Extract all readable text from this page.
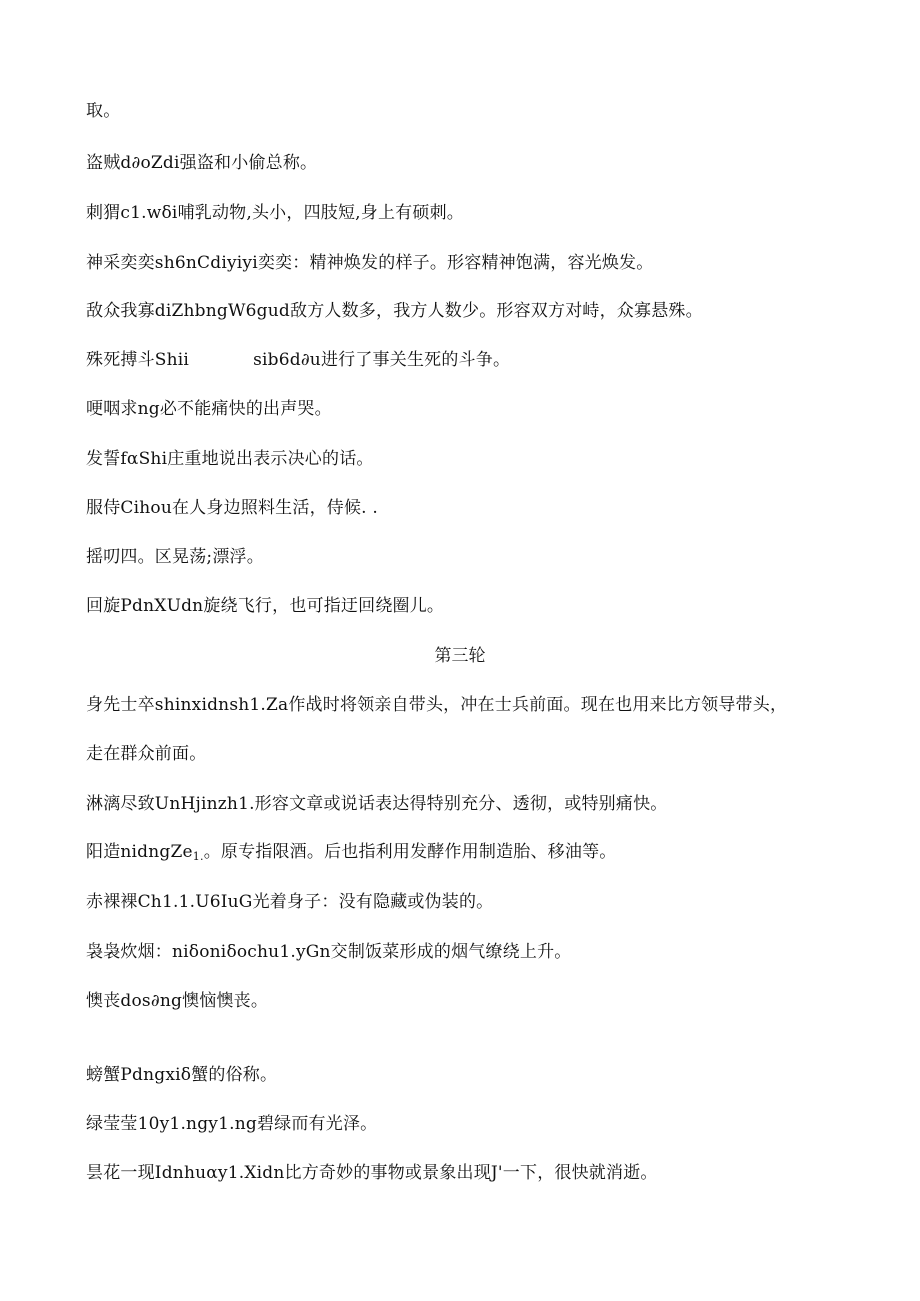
取。
盗贼d∂oZdi强盗和小偷总称。
刺猬c1.wδi哺乳动物,头小，四肢短,身上有硕刺。
神采奕奕sh6nCdiyiyi奕奕：精神焕发的样子。形容精神饱满，容光焕发。
敌众我寡diZhbngW6gud敌方人数多，我方人数少。形容双方对峙，众寡悬殊。
殊死搏斗Shii	sib6d∂u进行了事关生死的斗争。
哽咽求ng必不能痛快的出声哭。
发誓fαShi庄重地说出表示决心的话。
服侍Cihou在人身边照料生活，侍候. .
摇叨四。区晃荡;漂浮。
回旋PdnXUdn旋绕飞行，也可指迂回绕圈儿。
第三轮
身先士卒shinxidnsh1.Za作战时将领亲自带头，冲在士兵前面。现在也用来比方领导带头，
走在群众前面。
淋漓尽致UnHjinzh1.形容文章或说话表达得特别充分、透彻，或特别痛快。
阳造nidngZe$_{1.}$。原专指限酒。后也指利用发酵作用制造胎、移油等。
赤裸裸Ch1.1.U6IuG光着身子：没有隐藏或伪装的。
袅袅炊烟：niδoniδochu1.yGn交制饭菜形成的烟气缭绕上升。
懊丧dos∂ng懊恼懊丧。
螃蟹Pdngxiδ蟹的俗称。
绿莹莹10y1.ngy1.ng碧绿而有光泽。
昙花一现Idnhuαy1.Xidn比方奇妙的事物或景象出现J'一下，很快就消逝。
